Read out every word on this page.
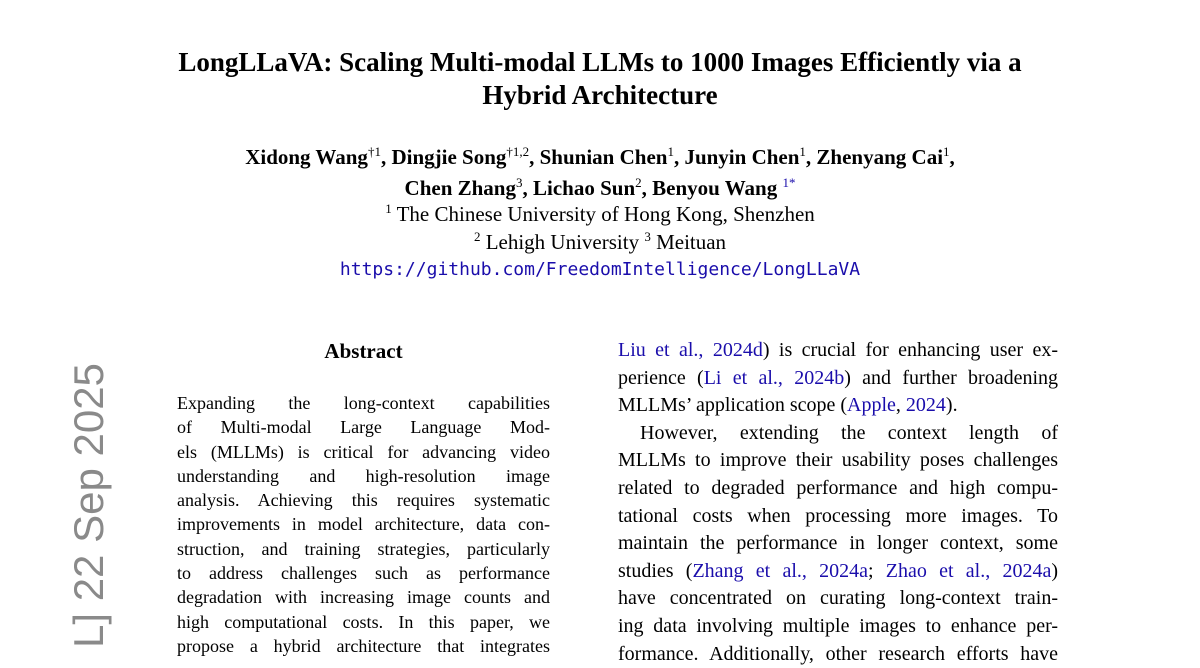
LongLLaVA: Scaling Multi-modal LLMs to 1000 Images Efficiently via a
Hybrid Architecture
Xidong Wang$^{\dagger 1}$, Dingjie Song$^{\dagger 1,2}$, Shunian Chen$^1$, Junyin Chen$^1$, Zhenyang Cai$^1$,
Chen Zhang$^3$, Lichao Sun$^2$, Benyou Wang $^{1*}$
$^1$ The Chinese University of Hong Kong, Shenzhen
$^2$ Lehigh University $^3$ Meituan
https://github.com/FreedomIntelligence/LongLLaVA
L] 22 Sep 2025
Abstract
Expanding the long-context capabilities
of Multi-modal Large Language Mod-
els (MLLMs) is critical for advancing video
understanding and high-resolution image
analysis. Achieving this requires systematic
improvements in model architecture, data con-
struction, and training strategies, particularly
to address challenges such as performance
degradation with increasing image counts and
high computational costs. In this paper, we
propose a hybrid architecture that integrates
Liu et al., 2024d) is crucial for enhancing user ex-
perience (Li et al., 2024b) and further broadening
MLLMs’ application scope (Apple, 2024).
However, extending the context length of
MLLMs to improve their usability poses challenges
related to degraded performance and high compu-
tational costs when processing more images. To
maintain the performance in longer context, some
studies (Zhang et al., 2024a; Zhao et al., 2024a)
have concentrated on curating long-context train-
ing data involving multiple images to enhance per-
formance. Additionally, other research efforts have
